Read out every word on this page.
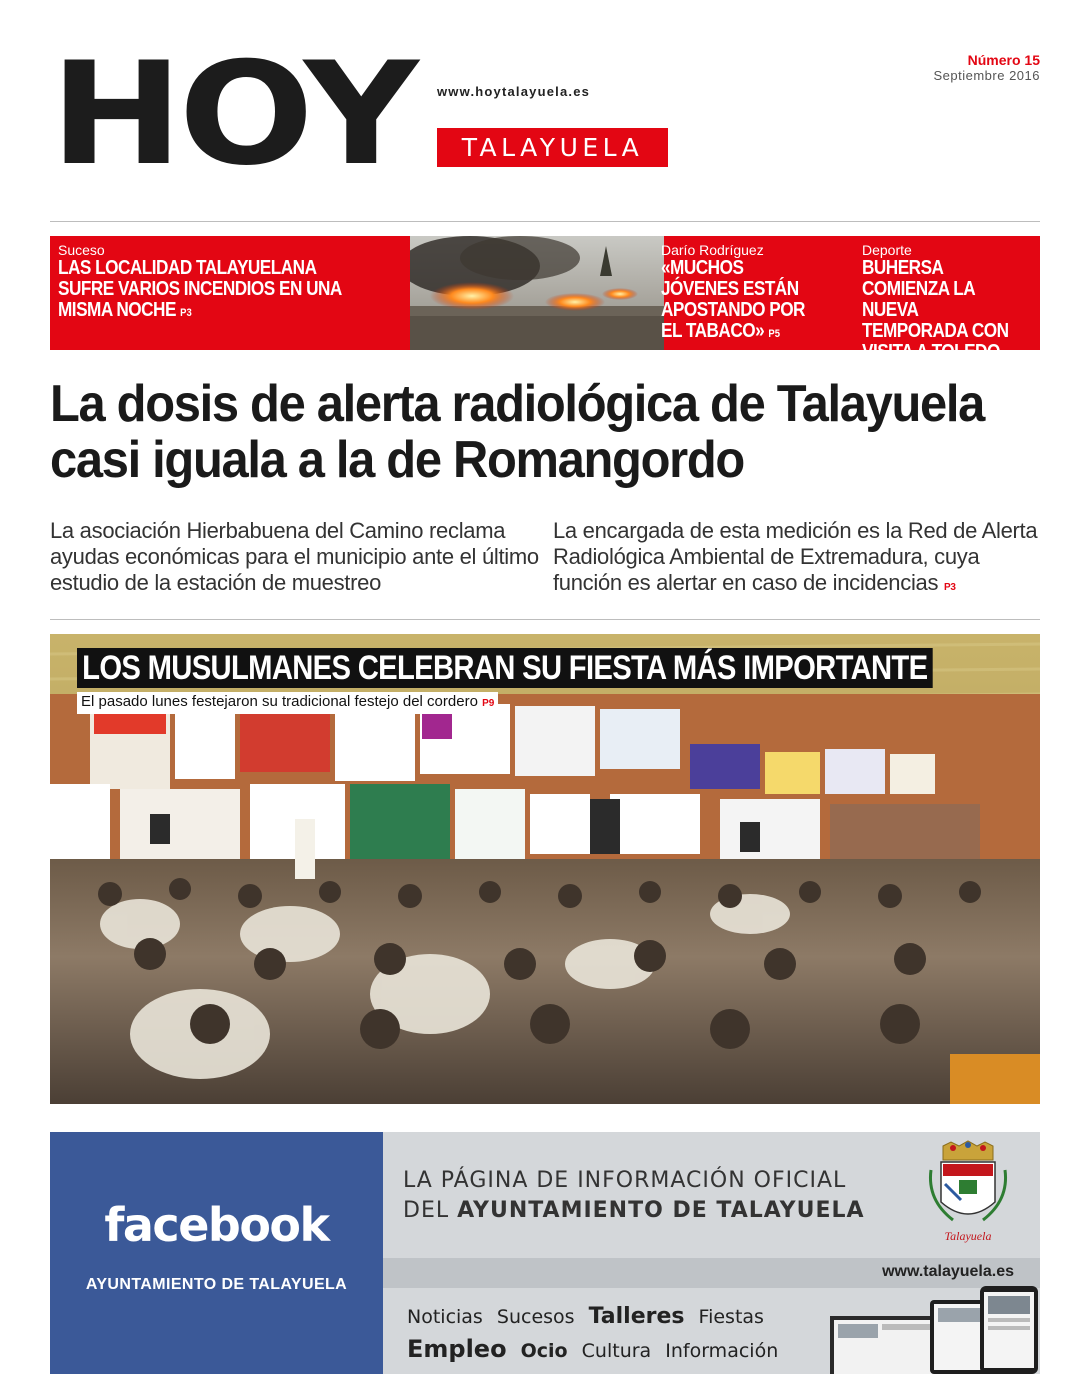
HOY www.hoytalayuela.es
TALAYUELA
Número 15
Septiembre 2016
Suceso
LAS LOCALIDAD TALAYUELANA SUFRE VARIOS INCENDIOS EN UNA MISMA NOCHE P3
Darío Rodríguez
«MUCHOS JÓVENES ESTÁN APOSTANDO POR EL TABACO» P5
Deporte
BUHERSA COMIENZA LA NUEVA TEMPORADA CON VISITA A TOLEDO P15
La dosis de alerta radiológica de Talayuela casi iguala a la de Romangordo
La asociación Hierbabuena del Camino reclama ayudas económicas para el municipio ante el último estudio de la estación de muestreo
La encargada de esta medición es la Red de Alerta Radiológica Ambiental de Extremadura, cuya función es alertar en caso de incidencias P3
LOS MUSULMANES CELEBRAN SU FIESTA MÁS IMPORTANTE
El pasado lunes festejaron su tradicional festejo del cordero P9
facebook
AYUNTAMIENTO DE TALAYUELA
LA PÁGINA DE INFORMACIÓN OFICIAL
DEL AYUNTAMIENTO DE TALAYUELA
Talayuela
www.talayuela.es
Noticias Sucesos Talleres Fiestas
Empleo Ocio Cultura Información
